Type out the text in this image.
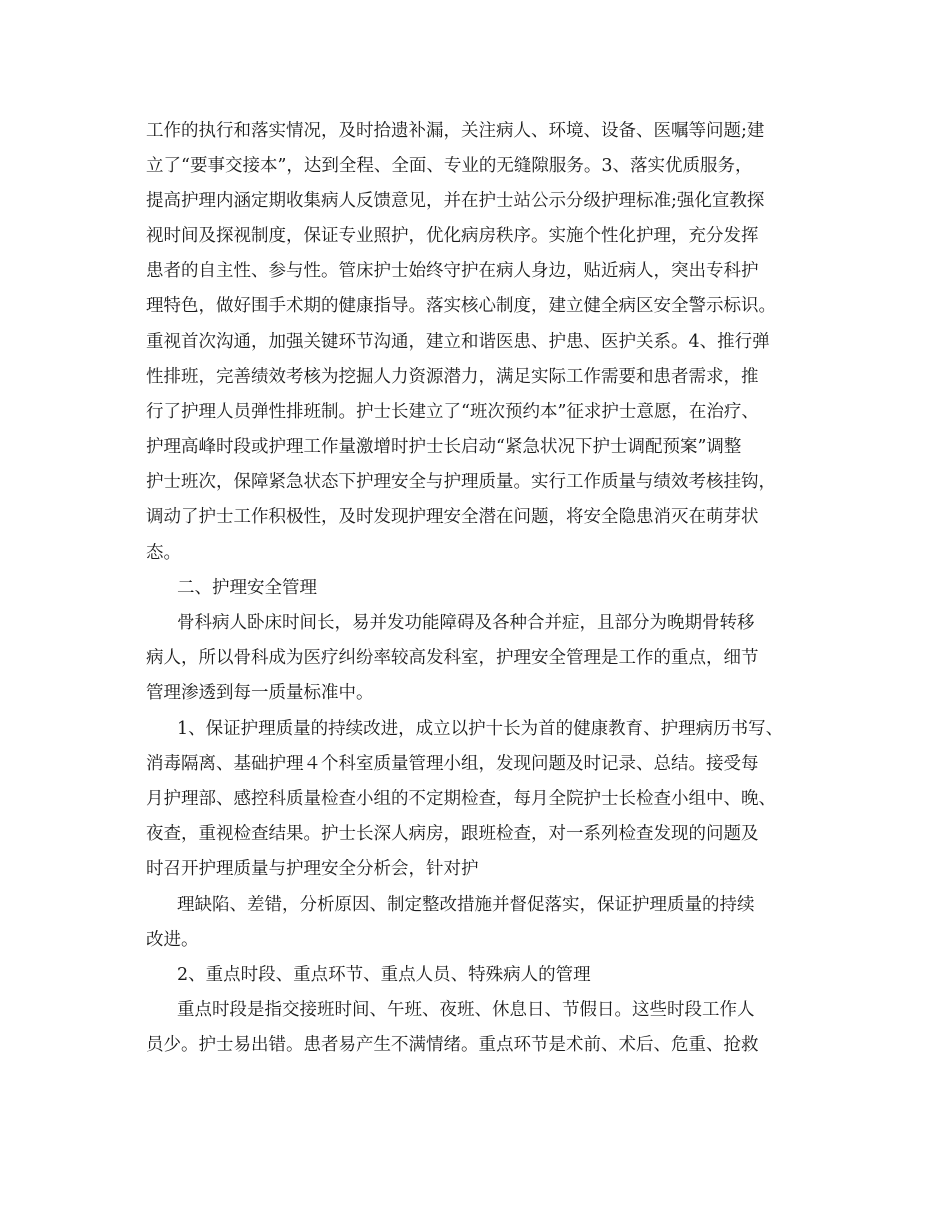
工作的执行和落实情况，及时拾遗补漏，关注病人、环境、设备、医嘱等问题;建
立了“要事交接本”，达到全程、全面、专业的无缝隙服务。3、落实优质服务，
提高护理内涵定期收集病人反馈意见，并在护士站公示分级护理标准;强化宣教探
视时间及探视制度，保证专业照护，优化病房秩序。实施个性化护理，充分发挥
患者的自主性、参与性。管床护士始终守护在病人身边，贴近病人，突出专科护
理特色，做好围手术期的健康指导。落实核心制度，建立健全病区安全警示标识。
重视首次沟通，加强关键环节沟通，建立和谐医患、护患、医护关系。4、推行弹
性排班，完善绩效考核为挖掘人力资源潜力，满足实际工作需要和患者需求，推
行了护理人员弹性排班制。护士长建立了“班次预约本”征求护士意愿，在治疗、
护理高峰时段或护理工作量激增时护士长启动“紧急状况下护士调配预案”调整
护士班次，保障紧急状态下护理安全与护理质量。实行工作质量与绩效考核挂钩，
调动了护士工作积极性，及时发现护理安全潜在问题，将安全隐患消灭在萌芽状
态。
二、护理安全管理
骨科病人卧床时间长，易并发功能障碍及各种合并症，且部分为晚期骨转移
病人，所以骨科成为医疗纠纷率较高发科室，护理安全管理是工作的重点，细节
管理渗透到每一质量标准中。
1、保证护理质量的持续改进，成立以护十长为首的健康教育、护理病历书写、
消毒隔离、基础护理４个科室质量管理小组，发现问题及时记录、总结。接受每
月护理部、感控科质量检查小组的不定期检查，每月全院护士长检查小组中、晚、
夜查，重视检查结果。护士长深人病房，跟班检查，对一系列检查发现的问题及
时召开护理质量与护理安全分析会，针对护
理缺陷、差错，分析原因、制定整改措施并督促落实，保证护理质量的持续
改进。
2、重点时段、重点环节、重点人员、特殊病人的管理
重点时段是指交接班时间、午班、夜班、休息日、节假日。这些时段工作人
员少。护士易出错。患者易产生不满情绪。重点环节是术前、术后、危重、抢救
